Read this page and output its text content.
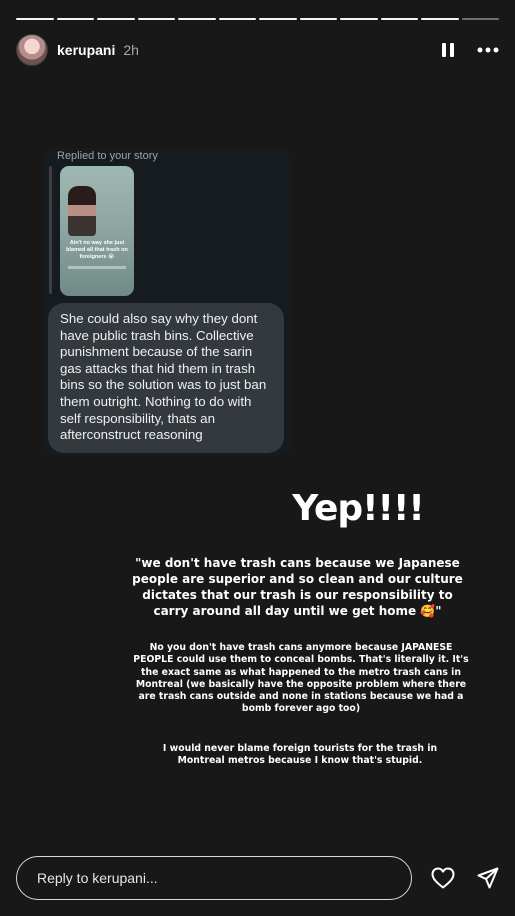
kerupani 2h
Replied to your story
Ain't no way she just blamed all that trash on foreigners 😭
She could also say why they dont have public trash bins. Collective punishment because of the sarin gas attacks that hid them in trash bins so the solution was to just ban them outright. Nothing to do with self responsibility, thats an afterconstruct reasoning
Yep!!!!
"we don't have trash cans because we Japanese people are superior and so clean and our culture dictates that our trash is our responsibility to carry around all day until we get home 🥰"
No you don't have trash cans anymore because JAPANESE PEOPLE could use them to conceal bombs. That's literally it. It's the exact same as what happened to the metro trash cans in Montreal (we basically have the opposite problem where there are trash cans outside and none in stations because we had a bomb forever ago too)
I would never blame foreign tourists for the trash in Montreal metros because I know that's stupid.
Reply to kerupani...
